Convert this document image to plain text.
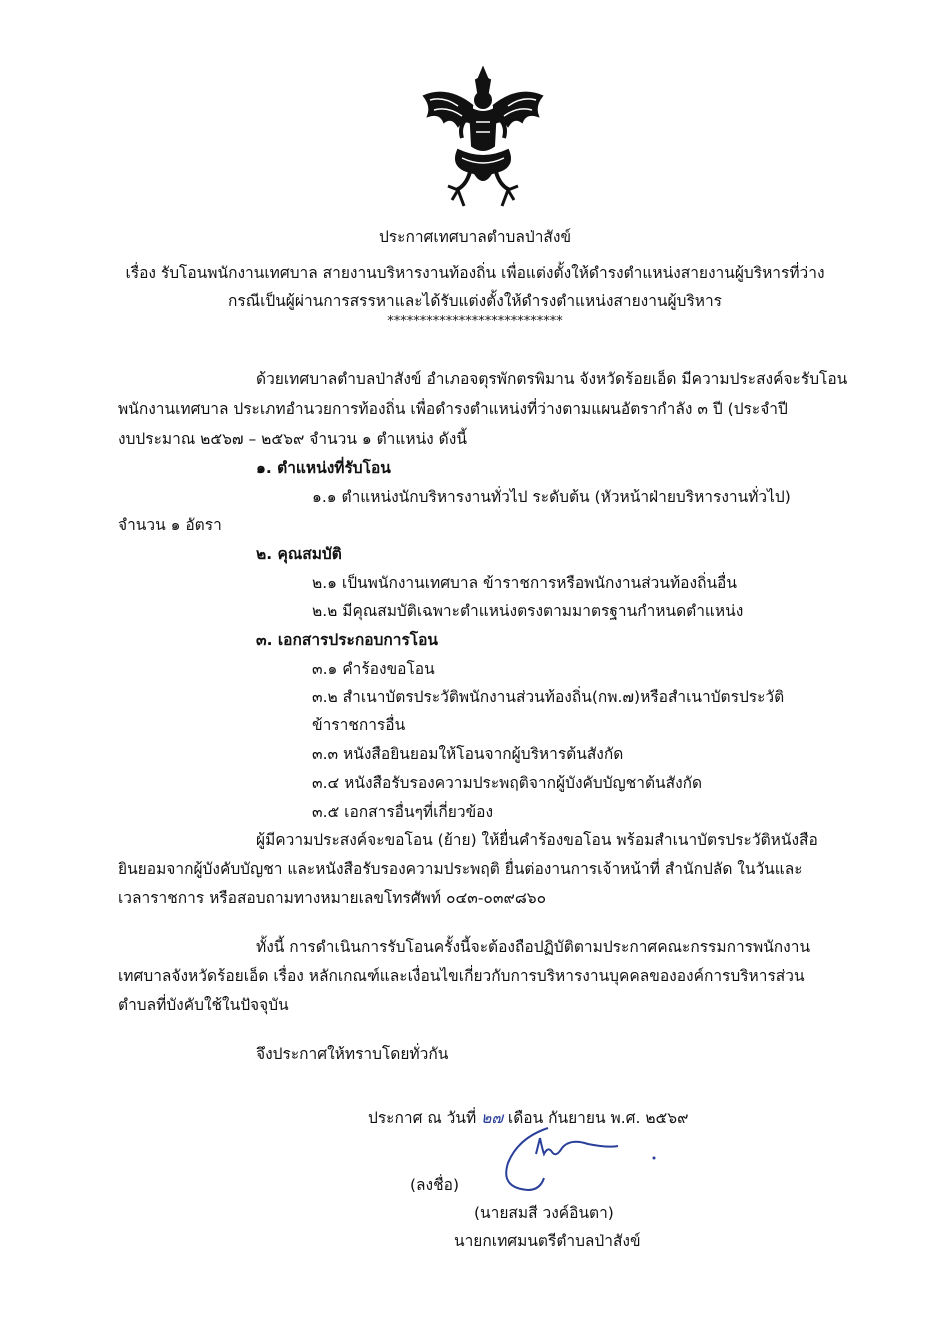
ประกาศเทศบาลตำบลป่าสังข์
เรื่อง รับโอนพนักงานเทศบาล สายงานบริหารงานท้องถิ่น เพื่อแต่งตั้งให้ดำรงตำแหน่งสายงานผู้บริหารที่ว่าง
กรณีเป็นผู้ผ่านการสรรหาและได้รับแต่งตั้งให้ดำรงตำแหน่งสายงานผู้บริหาร
***************************
ด้วยเทศบาลตำบลป่าสังข์ อำเภอจตุรพักตรพิมาน จังหวัดร้อยเอ็ด มีความประสงค์จะรับโอน
พนักงานเทศบาล ประเภทอำนวยการท้องถิ่น เพื่อดำรงตำแหน่งที่ว่างตามแผนอัตรากำลัง ๓ ปี (ประจำปี
งบประมาณ ๒๕๖๗ – ๒๕๖๙ จำนวน ๑ ตำแหน่ง ดังนี้
๑. ตำแหน่งที่รับโอน
๑.๑ ตำแหน่งนักบริหารงานทั่วไป ระดับต้น (หัวหน้าฝ่ายบริหารงานทั่วไป)
จำนวน ๑ อัตรา
๒. คุณสมบัติ
๒.๑ เป็นพนักงานเทศบาล ข้าราชการหรือพนักงานส่วนท้องถิ่นอื่น
๒.๒ มีคุณสมบัติเฉพาะตำแหน่งตรงตามมาตรฐานกำหนดตำแหน่ง
๓. เอกสารประกอบการโอน
๓.๑ คำร้องขอโอน
๓.๒ สำเนาบัตรประวัติพนักงานส่วนท้องถิ่น(กพ.๗)หรือสำเนาบัตรประวัติ
ข้าราชการอื่น
๓.๓ หนังสือยินยอมให้โอนจากผู้บริหารต้นสังกัด
๓.๔ หนังสือรับรองความประพฤติจากผู้บังคับบัญชาต้นสังกัด
๓.๕ เอกสารอื่นๆที่เกี่ยวข้อง
ผู้มีความประสงค์จะขอโอน (ย้าย) ให้ยื่นคำร้องขอโอน พร้อมสำเนาบัตรประวัติหนังสือ
ยินยอมจากผู้บังคับบัญชา และหนังสือรับรองความประพฤติ ยื่นต่องานการเจ้าหน้าที่ สำนักปลัด ในวันและ
เวลาราชการ หรือสอบถามทางหมายเลขโทรศัพท์ ๐๔๓-๐๓๙๘๖๐
ทั้งนี้ การดำเนินการรับโอนครั้งนี้จะต้องถือปฏิบัติตามประกาศคณะกรรมการพนักงาน
เทศบาลจังหวัดร้อยเอ็ด เรื่อง หลักเกณฑ์และเงื่อนไขเกี่ยวกับการบริหารงานบุคคลขององค์การบริหารส่วน
ตำบลที่บังคับใช้ในปัจจุบัน
จึงประกาศให้ทราบโดยทั่วกัน
ประกาศ ณ วันที่ ๒๗ เดือน กันยายน พ.ศ. ๒๕๖๙
(ลงชื่อ)
(นายสมสี วงค์อินตา)
นายกเทศมนตรีตำบลป่าสังข์
